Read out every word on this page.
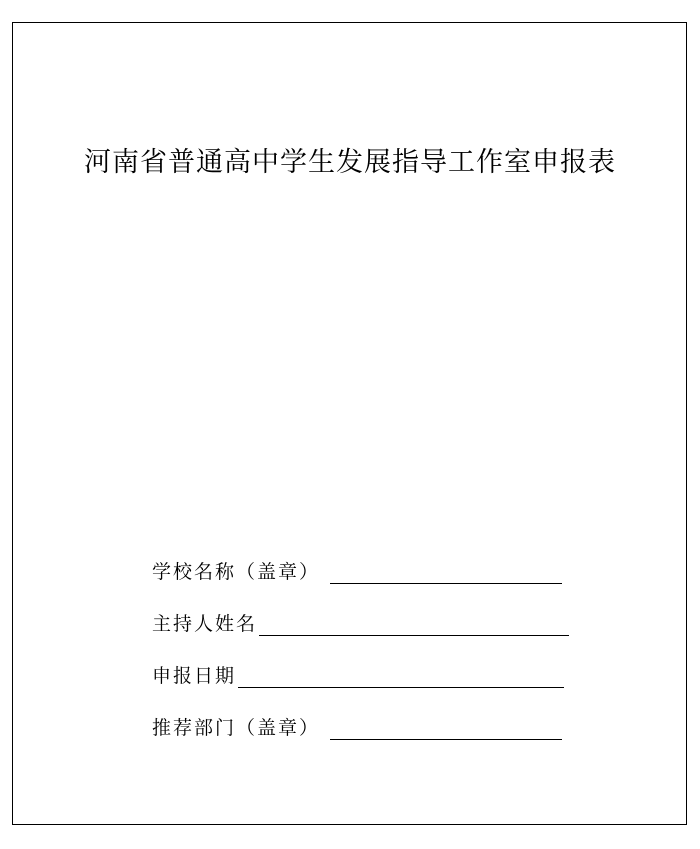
河南省普通高中学生发展指导工作室申报表
学校名称（盖章）
主持人姓名
申报日期
推荐部门（盖章）
